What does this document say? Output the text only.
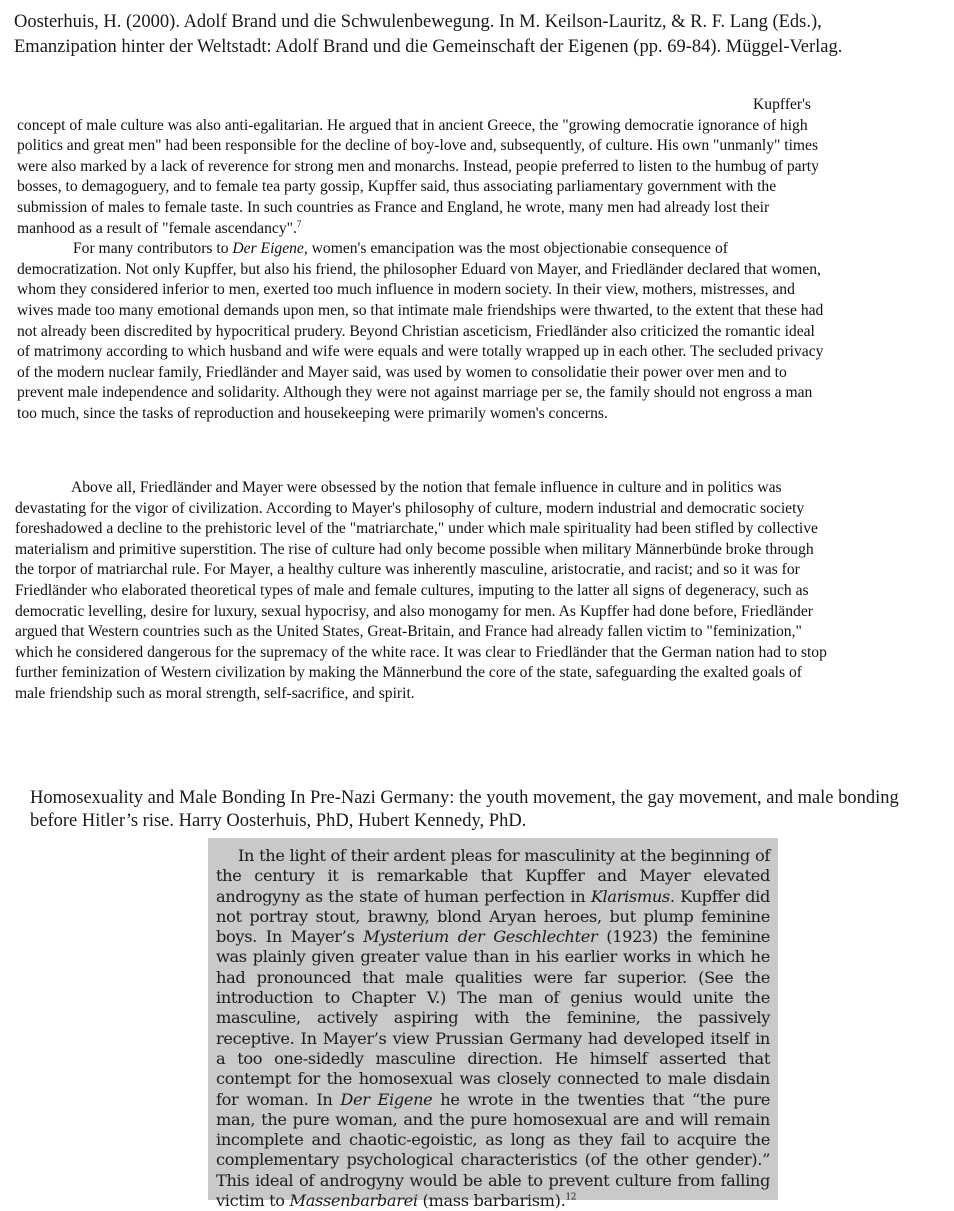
Oosterhuis, H. (2000). Adolf Brand und die Schwulenbewegung. In M. Keilson-Lauritz, & R. F. Lang (Eds.), Emanzipation hinter der Weltstadt: Adolf Brand und die Gemeinschaft der Eigenen (pp. 69-84). Müggel-Verlag.
Kupffer's

concept of male culture was also anti-egalitarian. He argued that in ancient Greece, the "growing democratie ignorance of high politics and great men" had been responsible for the decline of boy-love and, subsequently, of culture. His own "unmanly" times were also marked by a lack of reverence for strong men and monarchs. Instead, peopie preferred to listen to the humbug of party bosses, to demagoguery, and to female tea party gossip, Kupffer said, thus associating parliamentary government with the submission of males to female taste. In such countries as France and England, he wrote, many men had already lost their manhood as a result of "female ascendancy".$^7$

For many contributors to Der Eigene, women's emancipation was the most objectionabie consequence of democratization. Not only Kupffer, but also his friend, the philosopher Eduard von Mayer, and Friedländer declared that women, whom they considered inferior to men, exerted too much influence in modern society. In their view, mothers, mistresses, and wives made too many emotional demands upon men, so that intimate male friendships were thwarted, to the extent that these had not already been discredited by hypocritical prudery. Beyond Christian asceticism, Friedländer also criticized the romantic ideal of matrimony according to which husband and wife were equals and were totally wrapped up in each other. The secluded privacy of the modern nuclear family, Friedländer and Mayer said, was used by women to consolidatie their power over men and to prevent male independence and solidarity. Although they were not against marriage per se, the family should not engross a man too much, since the tasks of reproduction and housekeeping were primarily women's concerns.

Above all, Friedländer and Mayer were obsessed by the notion that female influence in culture and in politics was devastating for the vigor of civilization. According to Mayer's philosophy of culture, modern industrial and democratic society foreshadowed a decline to the prehistoric level of the "matriarchate," under which male spirituality had been stifled by collective materialism and primitive superstition. The rise of culture had only become possible when military Männerbünde broke through the torpor of matriarchal rule. For Mayer, a healthy culture was inherently masculine, aristocratie, and racist; and so it was for Friedländer who elaborated theoretical types of male and female cultures, imputing to the latter all signs of degeneracy, such as democratic levelling, desire for luxury, sexual hypocrisy, and also monogamy for men. As Kupffer had done before, Friedländer argued that Western countries such as the United States, Great-Britain, and France had already fallen victim to "feminization," which he considered dangerous for the supremacy of the white race. It was clear to Friedländer that the German nation had to stop further feminization of Western civilization by making the Männerbund the core of the state, safeguarding the exalted goals of male friendship such as moral strength, self-sacrifice, and spirit.

Homosexuality and Male Bonding In Pre-Nazi Germany: the youth movement, the gay movement, and male bonding before Hitler’s rise. Harry Oosterhuis, PhD, Hubert Kennedy, PhD.

In the light of their ardent pleas for masculinity at the beginning of the century it is remarkable that Kupffer and Mayer elevated androgyny as the state of human perfection in Klarismus. Kupffer did not portray stout, brawny, blond Aryan heroes, but plump feminine boys. In Mayer’s Mysterium der Geschlechter (1923) the feminine was plainly given greater value than in his earlier works in which he had pronounced that male qualities were far superior. (See the introduction to Chapter V.) The man of genius would unite the masculine, actively aspiring with the feminine, the passively receptive. In Mayer’s view Prussian Germany had developed itself in a too one-sidedly masculine direction. He himself asserted that contempt for the homosexual was closely connected to male disdain for woman. In Der Eigene he wrote in the twenties that “the pure man, the pure woman, and the pure homosexual are and will remain incomplete and chaotic-egoistic, as long as they fail to acquire the complementary psychological characteristics (of the other gender).” This ideal of androgyny would be able to prevent culture from falling victim to Massenbarbarei (mass barbarism).$^{12}$
